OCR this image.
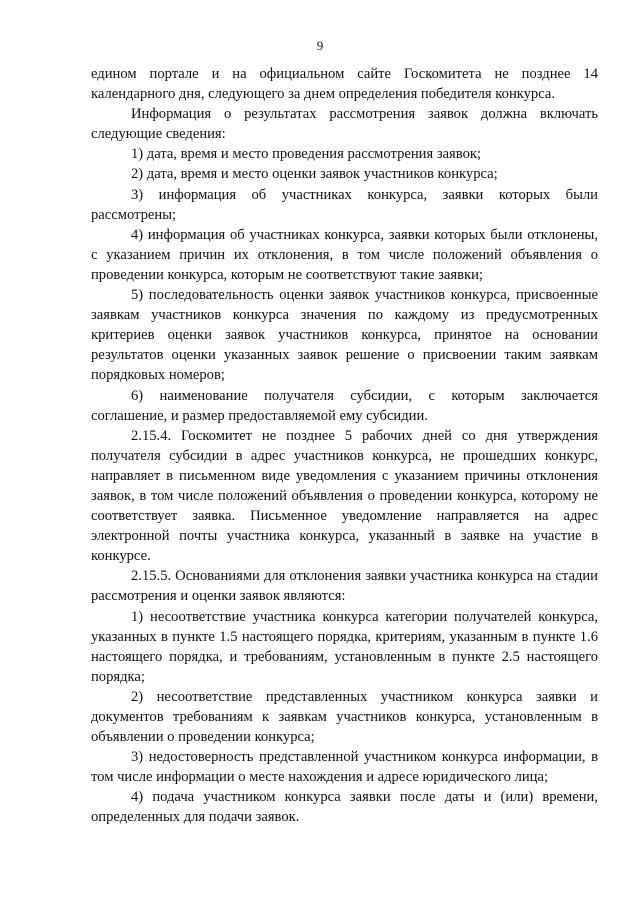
9

едином портале и на официальном сайте Госкомитета не позднее 14 календарного дня, следующего за днем определения победителя конкурса.

Информация о результатах рассмотрения заявок должна включать следующие сведения:

1) дата, время и место проведения рассмотрения заявок;

2) дата, время и место оценки заявок участников конкурса;

3) информация об участниках конкурса, заявки которых были рассмотрены;

4) информация об участниках конкурса, заявки которых были отклонены, с указанием причин их отклонения, в том числе положений объявления о проведении конкурса, которым не соответствуют такие заявки;

5) последовательность оценки заявок участников конкурса, присвоенные заявкам участников конкурса значения по каждому из предусмотренных критериев оценки заявок участников конкурса, принятое на основании результатов оценки указанных заявок решение о присвоении таким заявкам порядковых номеров;

6) наименование получателя субсидии, с которым заключается соглашение, и размер предоставляемой ему субсидии.

2.15.4. Госкомитет не позднее 5 рабочих дней со дня утверждения получателя субсидии в адрес участников конкурса, не прошедших конкурс, направляет в письменном виде уведомления с указанием причины отклонения заявок, в том числе положений объявления о проведении конкурса, которому не соответствует заявка. Письменное уведомление направляется на адрес электронной почты участника конкурса, указанный в заявке на участие в конкурсе.

2.15.5. Основаниями для отклонения заявки участника конкурса на стадии рассмотрения и оценки заявок являются:

1) несоответствие участника конкурса категории получателей конкурса, указанных в пункте 1.5 настоящего порядка, критериям, указанным в пункте 1.6 настоящего порядка, и требованиям, установленным в пункте 2.5 настоящего порядка;

2) несоответствие представленных участником конкурса заявки и документов требованиям к заявкам участников конкурса, установленным в объявлении о проведении конкурса;

3) недостоверность представленной участником конкурса информации, в том числе информации о месте нахождения и адресе юридического лица;

4) подача участником конкурса заявки после даты и (или) времени, определенных для подачи заявок.
